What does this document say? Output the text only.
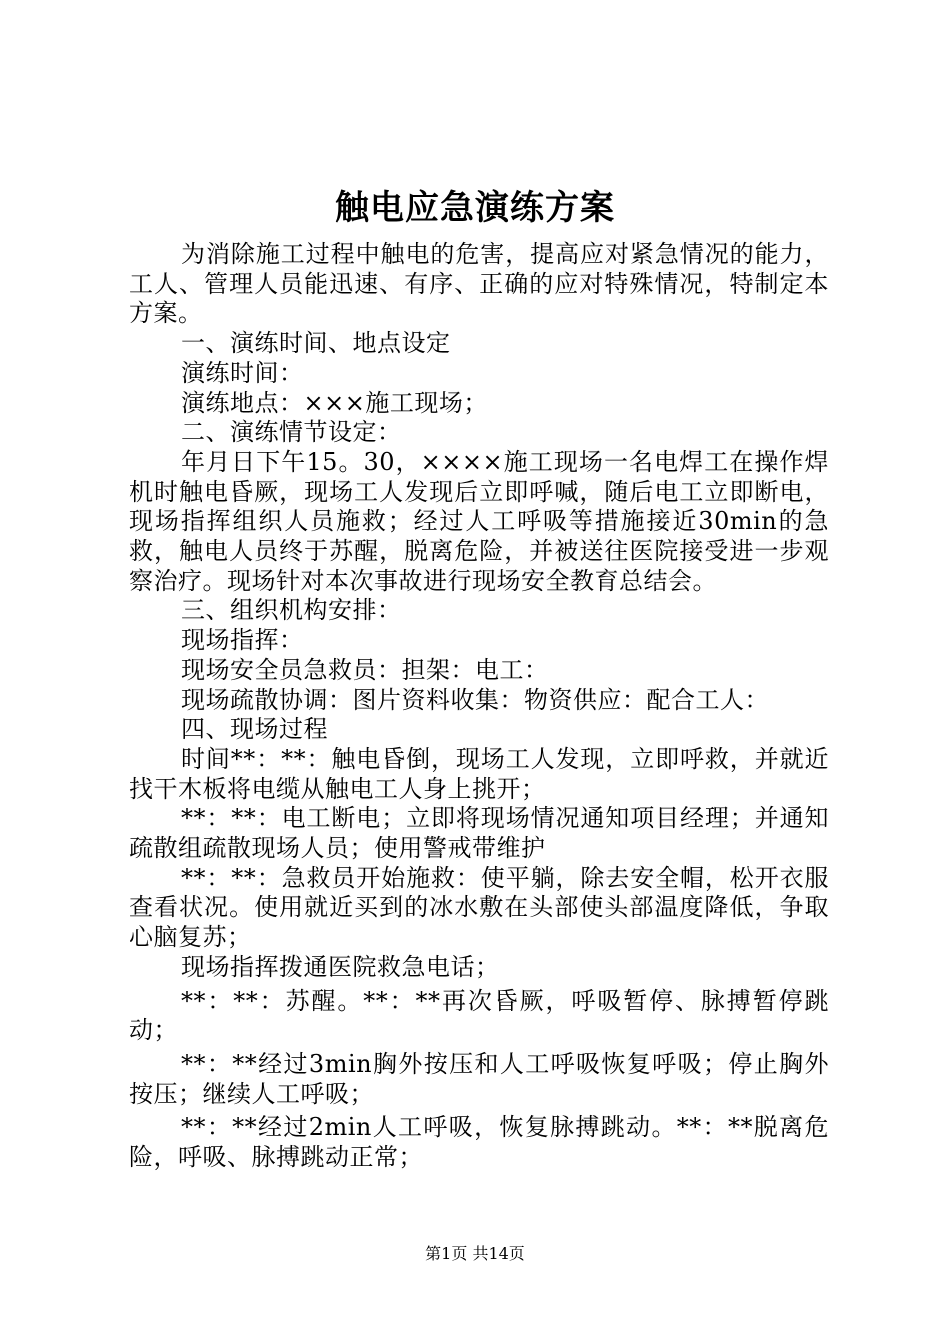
触电应急演练方案

为消除施工过程中触电的危害，提高应对紧急情况的能力，工人、管理人员能迅速、有序、正确的应对特殊情况，特制定本方案。

一、演练时间、地点设定

演练时间：

演练地点：×××施工现场；

二、演练情节设定：

年月日下午15。30，××××施工现场一名电焊工在操作焊机时触电昏厥，现场工人发现后立即呼喊，随后电工立即断电，现场指挥组织人员施救；经过人工呼吸等措施接近30min的急救，触电人员终于苏醒，脱离危险，并被送往医院接受进一步观察治疗。现场针对本次事故进行现场安全教育总结会。

三、组织机构安排：

现场指挥：

现场安全员急救员：担架：电工：

现场疏散协调：图片资料收集：物资供应：配合工人：

四、现场过程

时间**：**：触电昏倒，现场工人发现，立即呼救，并就近找干木板将电缆从触电工人身上挑开；

**：**：电工断电；立即将现场情况通知项目经理；并通知疏散组疏散现场人员；使用警戒带维护

**：**：急救员开始施救：使平躺，除去安全帽，松开衣服查看状况。使用就近买到的冰水敷在头部使头部温度降低，争取心脑复苏；

现场指挥拨通医院救急电话；

**：**：苏醒。**：**再次昏厥，呼吸暂停、脉搏暂停跳动；

**：**经过3min胸外按压和人工呼吸恢复呼吸；停止胸外按压；继续人工呼吸；

**：**经过2min人工呼吸，恢复脉搏跳动。**：**脱离危险，呼吸、脉搏跳动正常；

第1页 共14页
